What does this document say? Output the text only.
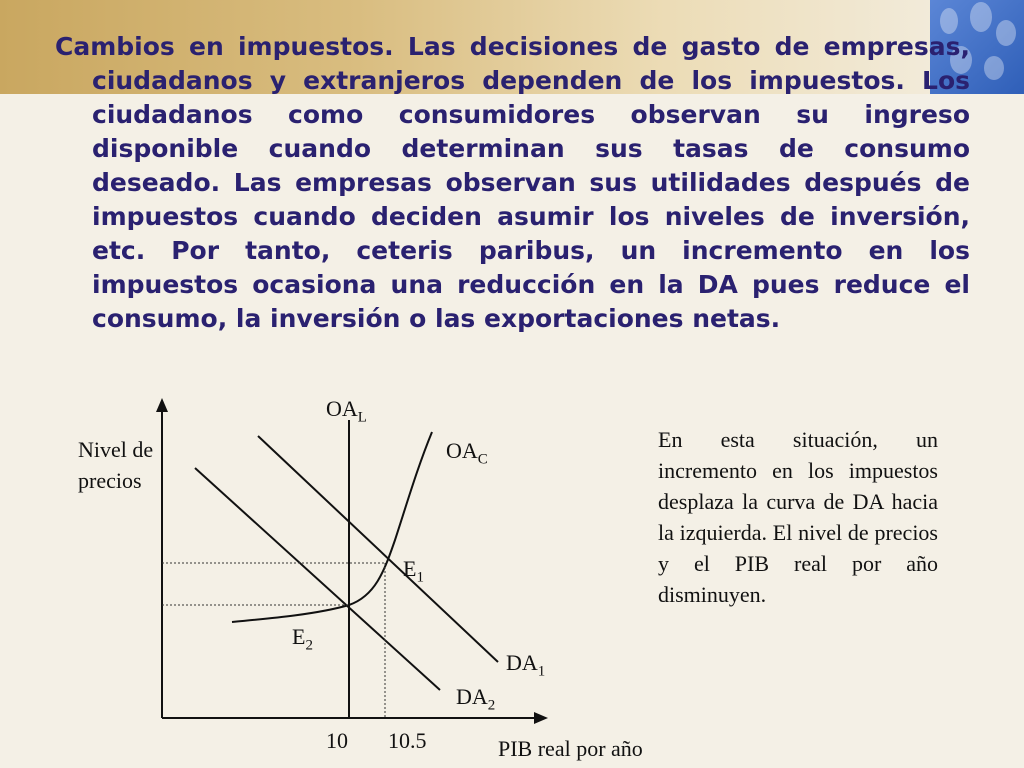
Cambios en impuestos. Las decisiones de gasto de empresas, ciudadanos y extranjeros dependen de los impuestos. Los ciudadanos como consumidores observan su ingreso disponible cuando determinan sus tasas de consumo deseado. Las empresas observan sus utilidades después de impuestos cuando deciden asumir los niveles de inversión, etc. Por tanto, ceteris paribus, un incremento en los impuestos ocasiona una reducción en la DA pues reduce el consumo, la inversión o las exportaciones netas.
Nivel de precios
$OA_L$
$OA_C$
$E_1$
$E_2$
$DA_1$
$DA_2$
10 10.5	PIB real por año
En esta situación, un incremento en los impuestos desplaza la curva de DA hacia la izquierda. El nivel de precios y el PIB real por año disminuyen.
